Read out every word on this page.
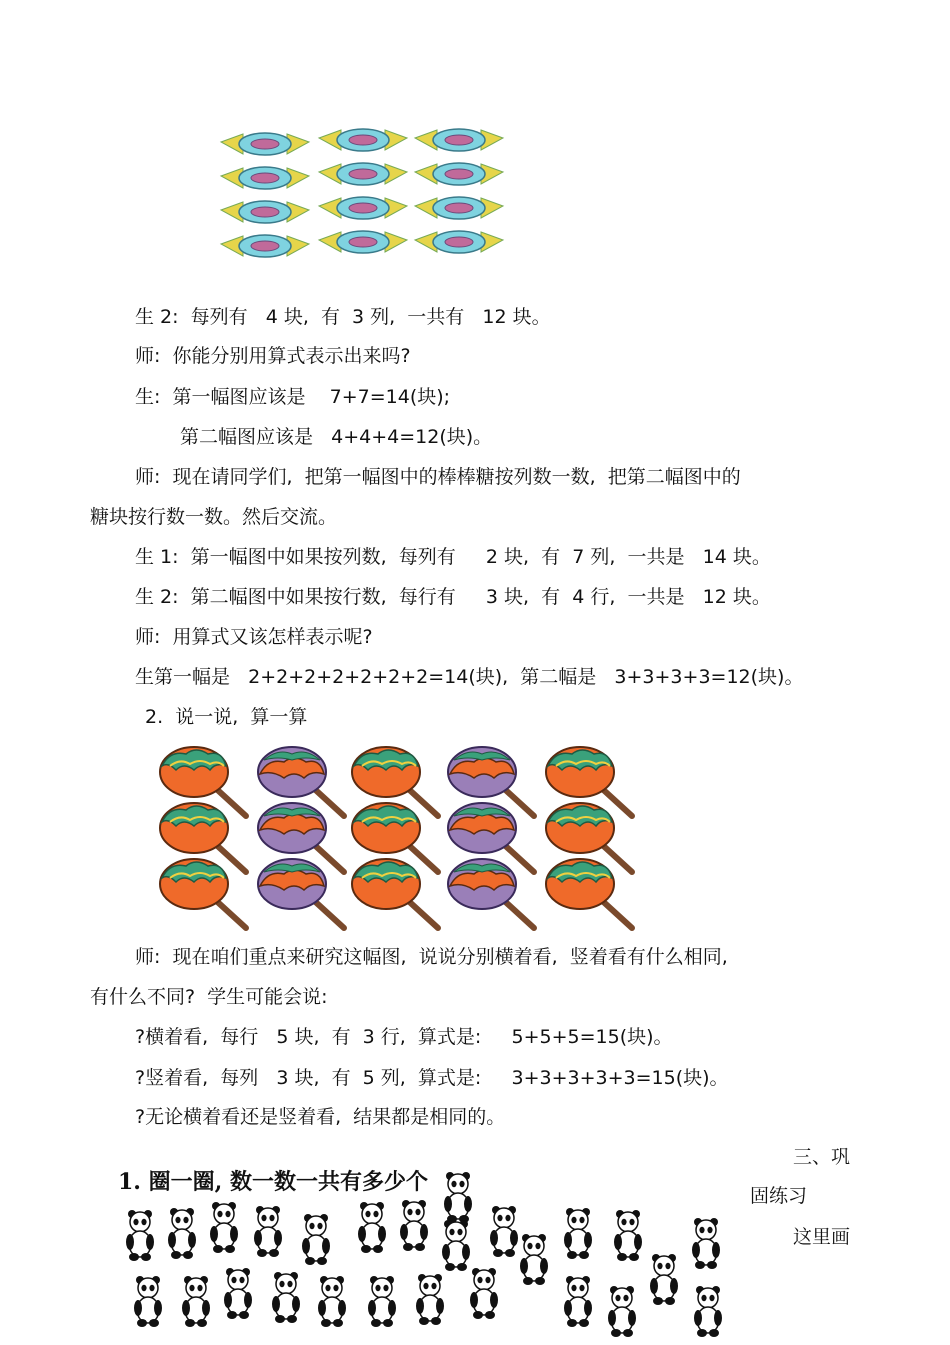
生 2:  每列有   4 块,  有  3 列,  一共有   12 块。
师:  你能分别用算式表示出来吗?
生:  第一幅图应该是    7+7=14(块);
第二幅图应该是   4+4+4=12(块)。
师:  现在请同学们,  把第一幅图中的棒棒糖按列数一数,  把第二幅图中的
糖块按行数一数。然后交流。
生 1:  第一幅图中如果按列数,  每列有     2 块,  有  7 列,  一共是   14 块。
生 2:  第二幅图中如果按行数,  每行有     3 块,  有  4 行,  一共是   12 块。
师:  用算式又该怎样表示呢?
生第一幅是   2+2+2+2+2+2+2=14(块),  第二幅是   3+3+3+3=12(块)。
2.  说一说,  算一算
师:  现在咱们重点来研究这幅图,  说说分别横着看,  竖着看有什么相同,
有什么不同?  学生可能会说:
?横着看,  每行   5 块,  有  3 行,  算式是:     5+5+5=15(块)。
?竖着看,  每列   3 块,  有  5 列,  算式是:     3+3+3+3+3=15(块)。
?无论横着看还是竖着看,  结果都是相同的。
三、巩
固练习
这里画
1. 圈一圈, 数一数一共有多少个
